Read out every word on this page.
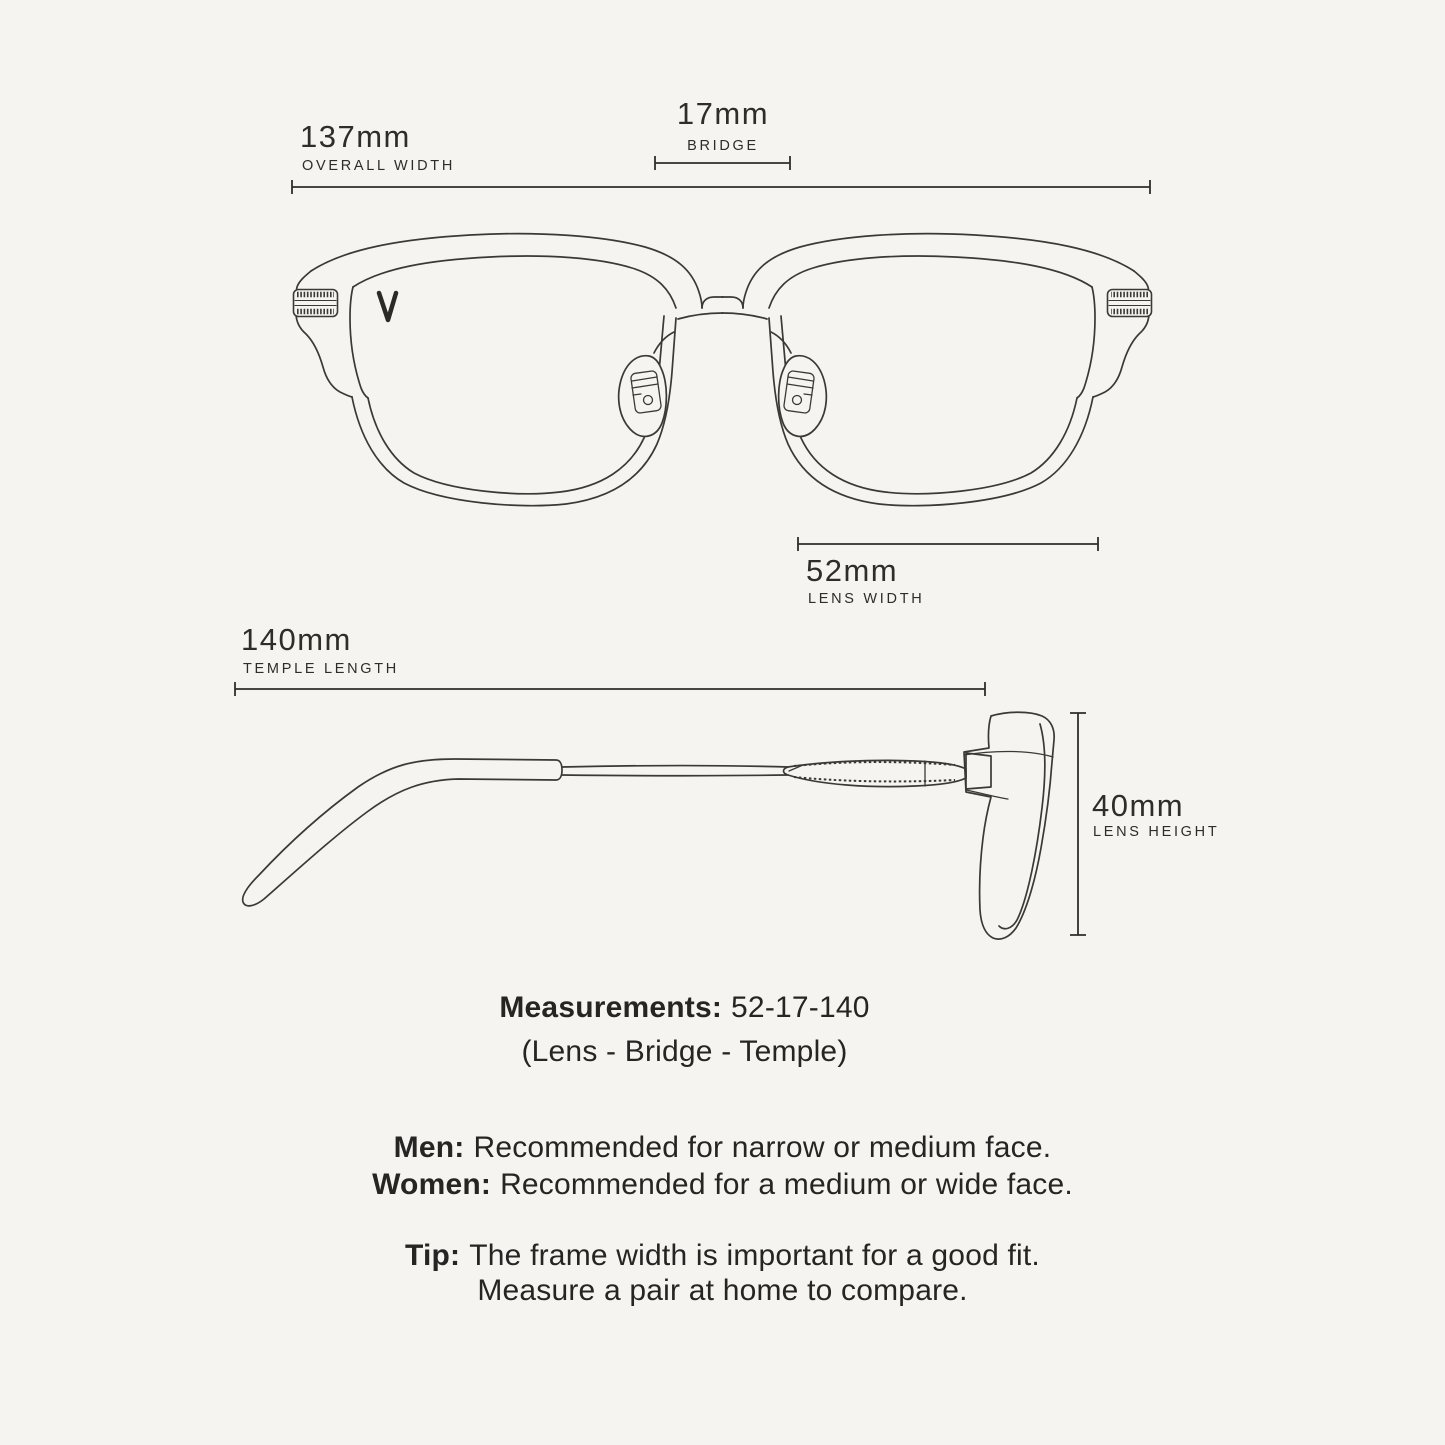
137mm
OVERALL WIDTH
17mm
BRIDGE
52mm
LENS WIDTH
140mm
TEMPLE LENGTH
40mm
LENS HEIGHT
Measurements: 52-17-140
(Lens - Bridge - Temple)
Men: Recommended for narrow or medium face.
Women: Recommended for a medium or wide face.
Tip: The frame width is important for a good fit.
Measure a pair at home to compare.
